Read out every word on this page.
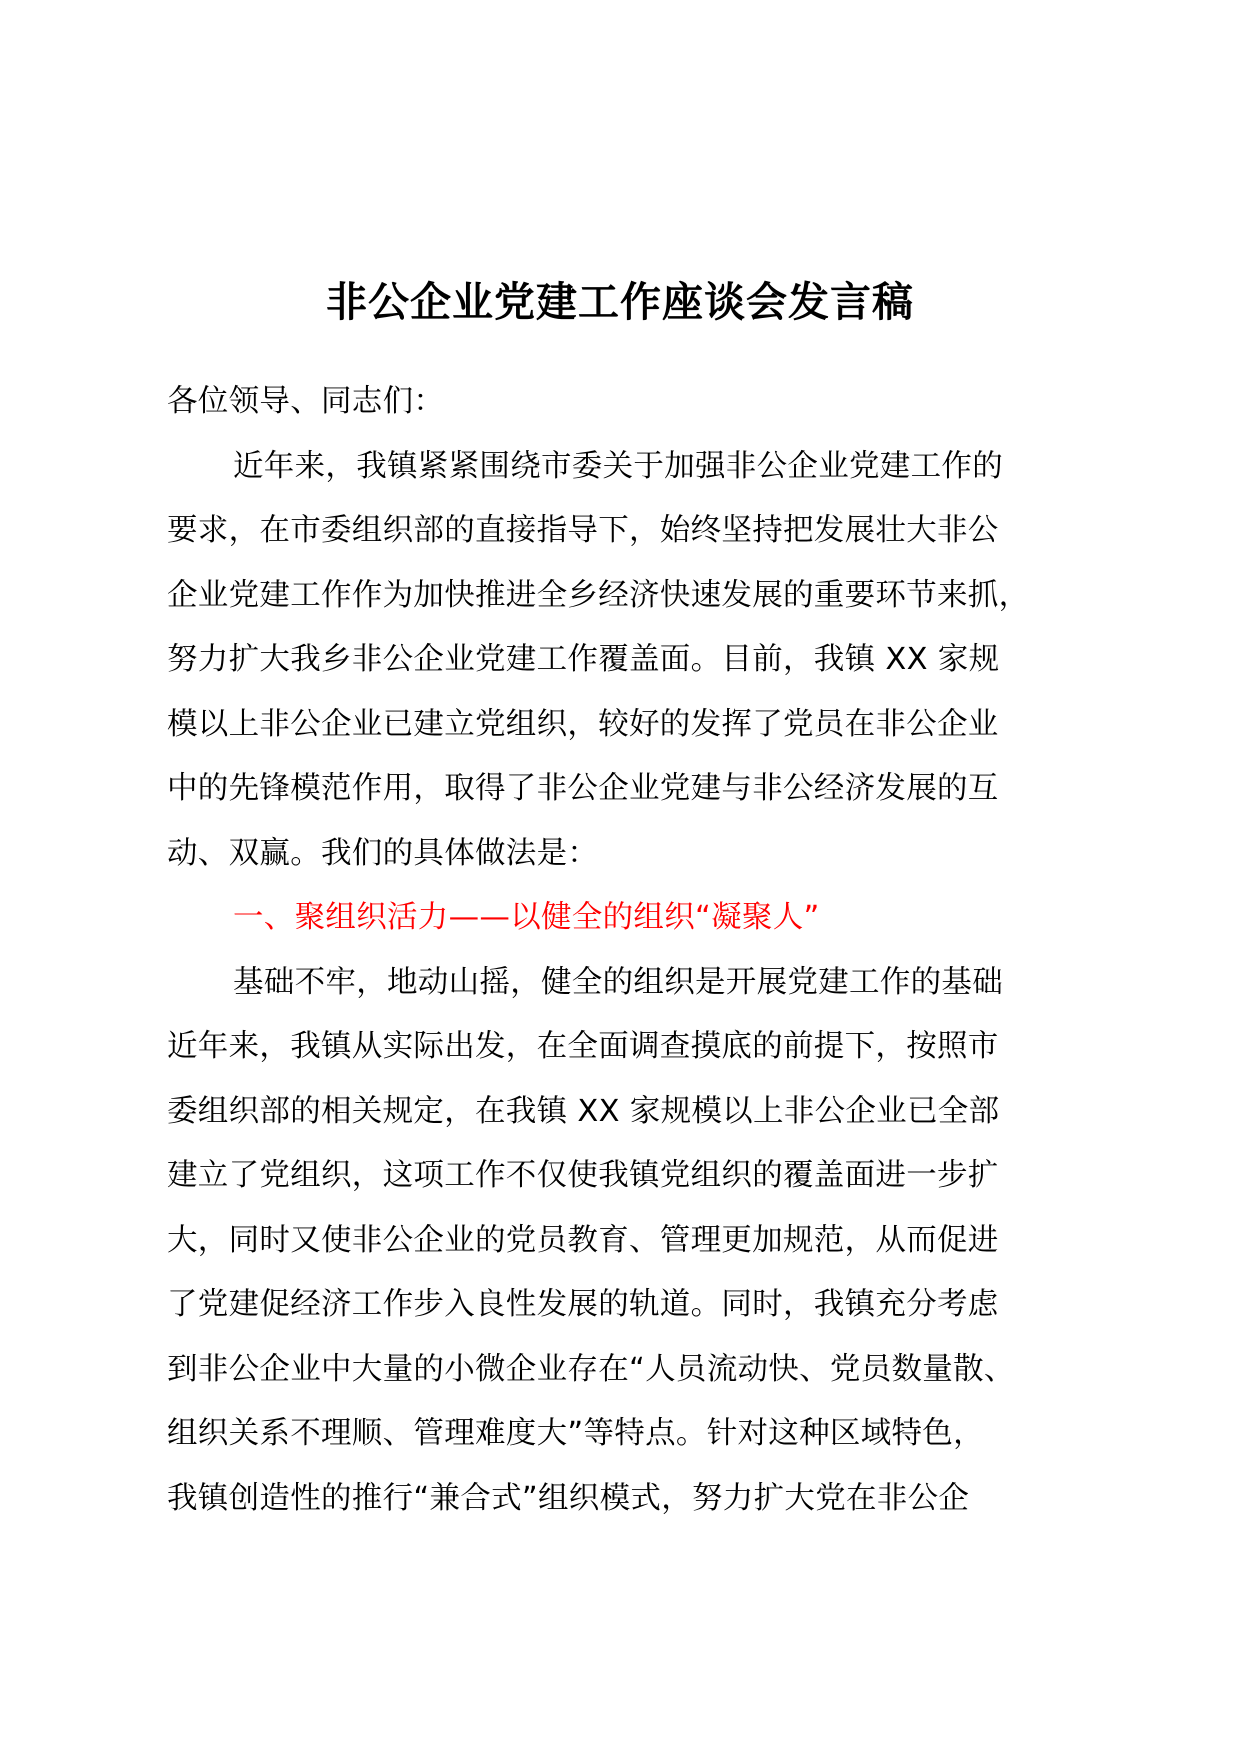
非公企业党建工作座谈会发言稿
各位领导、同志们：
近年来，我镇紧紧围绕市委关于加强非公企业党建工作的
要求，在市委组织部的直接指导下，始终坚持把发展壮大非公
企业党建工作作为加快推进全乡经济快速发展的重要环节来抓，
努力扩大我乡非公企业党建工作覆盖面。目前，我镇 XX 家规
模以上非公企业已建立党组织，较好的发挥了党员在非公企业
中的先锋模范作用，取得了非公企业党建与非公经济发展的互
动、双赢。我们的具体做法是：
一、聚组织活力——以健全的组织“凝聚人”
基础不牢，地动山摇，健全的组织是开展党建工作的基础
近年来，我镇从实际出发，在全面调查摸底的前提下，按照市
委组织部的相关规定，在我镇 XX 家规模以上非公企业已全部
建立了党组织，这项工作不仅使我镇党组织的覆盖面进一步扩
大，同时又使非公企业的党员教育、管理更加规范，从而促进
了党建促经济工作步入良性发展的轨道。同时，我镇充分考虑
到非公企业中大量的小微企业存在“人员流动快、党员数量散、
组织关系不理顺、管理难度大”等特点。针对这种区域特色，
我镇创造性的推行“兼合式”组织模式，努力扩大党在非公企
